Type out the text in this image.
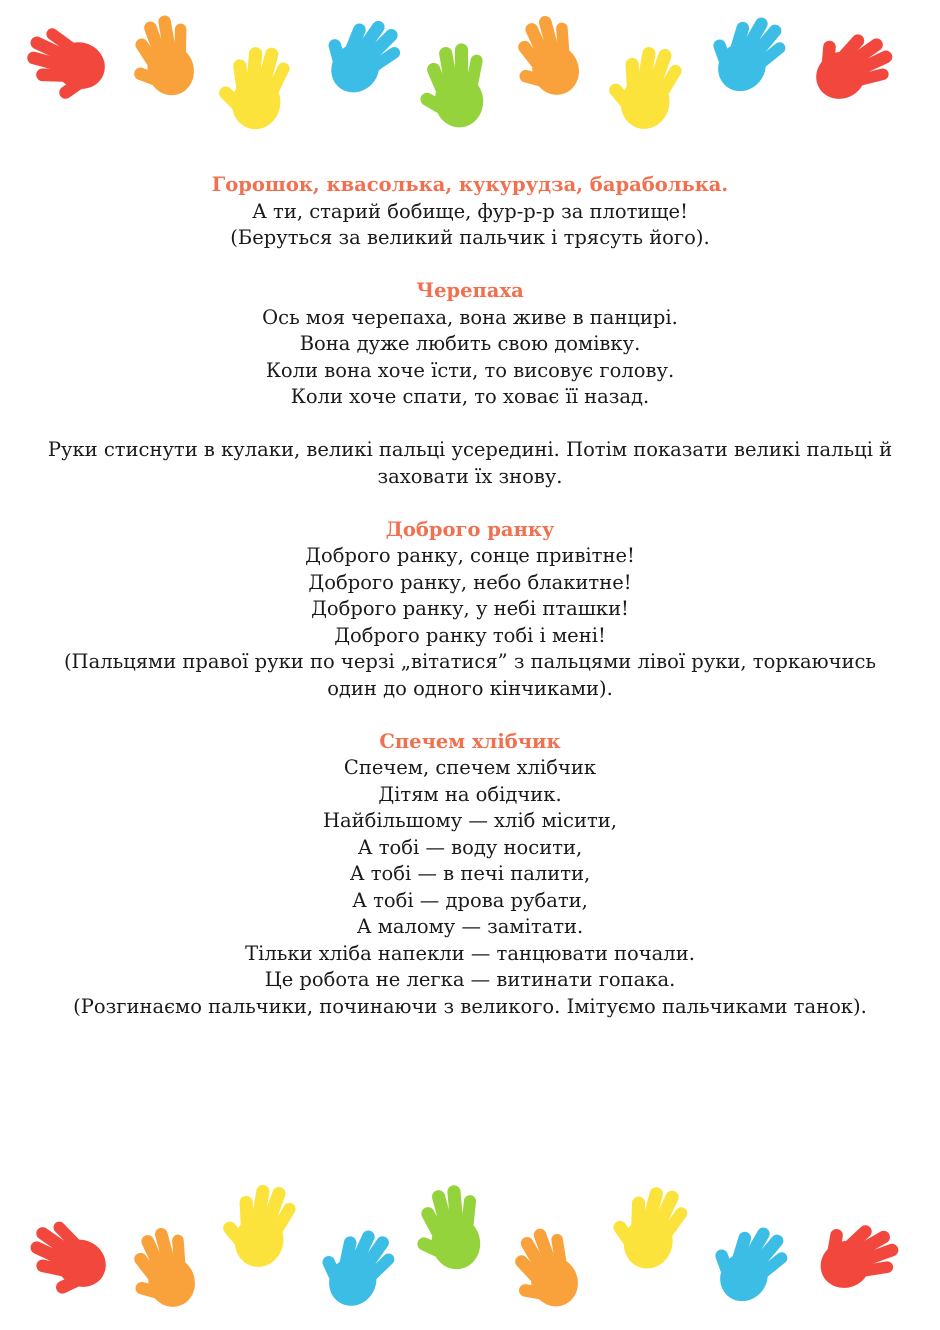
Горошок, квасолька, кукурудза, барабoлька.
А ти, старий бобище, фур-р-р за плотище!
(Беруться за великий пальчик і трясуть його).
Черепаха
Ось моя черепаха, вона живе в панцирі.
Вона дуже любить свою домівку.
Коли вона хоче їсти, то висовує голову.
Коли хоче спати, то ховає її назад.
Руки стиснути в кулаки, великі пальці усередині. Потім показати великі пальці й
заховати їх знову.
Доброго ранку
Доброго ранку, сонце привітне!
Доброго ранку, небо блакитне!
Доброго ранку, у небі пташки!
Доброго ранку тобі і мені!
(Пальцями правої руки по черзі „вітатися” з пальцями лівої руки, торкаючись
один до одного кінчиками).
Спечем хлібчик
Спечем, спечем хлібчик
Дітям на обідчик.
Найбільшому — хліб місити,
А тобі — воду носити,
А тобі — в печі палити,
А тобі — дрова рубати,
А малому — замітати.
Тільки хліба напекли — танцювати почали.
Це робота не легка — витинати гопака.
(Розгинаємо пальчики, починаючи з великого. Імітуємо пальчиками танок).
